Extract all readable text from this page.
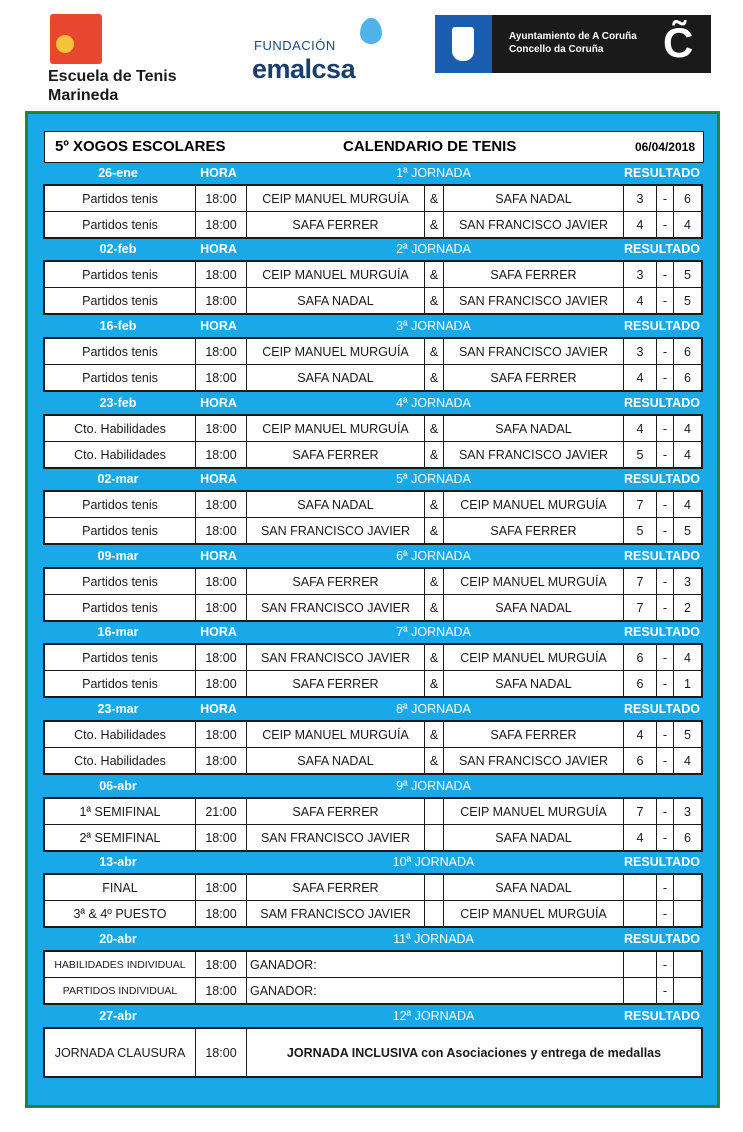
Escuela de Tenis
Marineda
FUNDACIÓN
emalcsa
Ayuntamiento de A Coruña
Concello da Coruña C̃
5º XOGOS ESCOLARES	CALENDARIO DE TENIS	06/04/2018
26-ene	HORA	1ª JORNADA	RESULTADO
Partidos tenis	18:00	CEIP MANUEL MURGUÍA	&	SAFA NADAL	3	-	6
Partidos tenis	18:00	SAFA FERRER	&	SAN FRANCISCO JAVIER	4	-	4
02-feb	HORA	2ª JORNADA	RESULTADO
Partidos tenis	18:00	CEIP MANUEL MURGUÍA	&	SAFA FERRER	3	-	5
Partidos tenis	18:00	SAFA NADAL	&	SAN FRANCISCO JAVIER	4	-	5
16-feb	HORA	3ª JORNADA	RESULTADO
Partidos tenis	18:00	CEIP MANUEL MURGUÍA	&	SAN FRANCISCO JAVIER	3	-	6
Partidos tenis	18:00	SAFA NADAL	&	SAFA FERRER	4	-	6
23-feb	HORA	4ª JORNADA	RESULTADO
Cto. Habilidades	18:00	CEIP MANUEL MURGUÍA	&	SAFA NADAL	4	-	4
Cto. Habilidades	18:00	SAFA FERRER	&	SAN FRANCISCO JAVIER	5	-	4
02-mar	HORA	5ª JORNADA	RESULTADO
Partidos tenis	18:00	SAFA NADAL	&	CEIP MANUEL MURGUÍA	7	-	4
Partidos tenis	18:00	SAN FRANCISCO JAVIER	&	SAFA FERRER	5	-	5
09-mar	HORA	6ª JORNADA	RESULTADO
Partidos tenis	18:00	SAFA FERRER	&	CEIP MANUEL MURGUÍA	7	-	3
Partidos tenis	18:00	SAN FRANCISCO JAVIER	&	SAFA NADAL	7	-	2
16-mar	HORA	7ª JORNADA	RESULTADO
Partidos tenis	18:00	SAN FRANCISCO JAVIER	&	CEIP MANUEL MURGUÍA	6	-	4
Partidos tenis	18:00	SAFA FERRER	&	SAFA NADAL	6	-	1
23-mar	HORA	8ª JORNADA	RESULTADO
Cto. Habilidades	18:00	CEIP MANUEL MURGUÍA	&	SAFA FERRER	4	-	5
Cto. Habilidades	18:00	SAFA NADAL	&	SAN FRANCISCO JAVIER	6	-	4
06-abr	9ª JORNADA
1ª SEMIFINAL	21:00	SAFA FERRER	CEIP MANUEL MURGUÍA	7	-	3
2ª SEMIFINAL	18:00	SAN FRANCISCO JAVIER	SAFA NADAL	4	-	6
13-abr	10ª JORNADA	RESULTADO
FINAL	18:00	SAFA FERRER	SAFA NADAL	-
3ª & 4º PUESTO	18:00	SAM FRANCISCO JAVIER	CEIP MANUEL MURGUÍA	-
20-abr	11ª JORNADA	RESULTADO
HABILIDADES INDIVIDUAL	18:00	GANADOR:	-
PARTIDOS INDIVIDUAL	18:00	GANADOR:	-
27-abr	12ª JORNADA	RESULTADO
JORNADA CLAUSURA	18:00	JORNADA INCLUSIVA con Asociaciones y entrega de medallas
